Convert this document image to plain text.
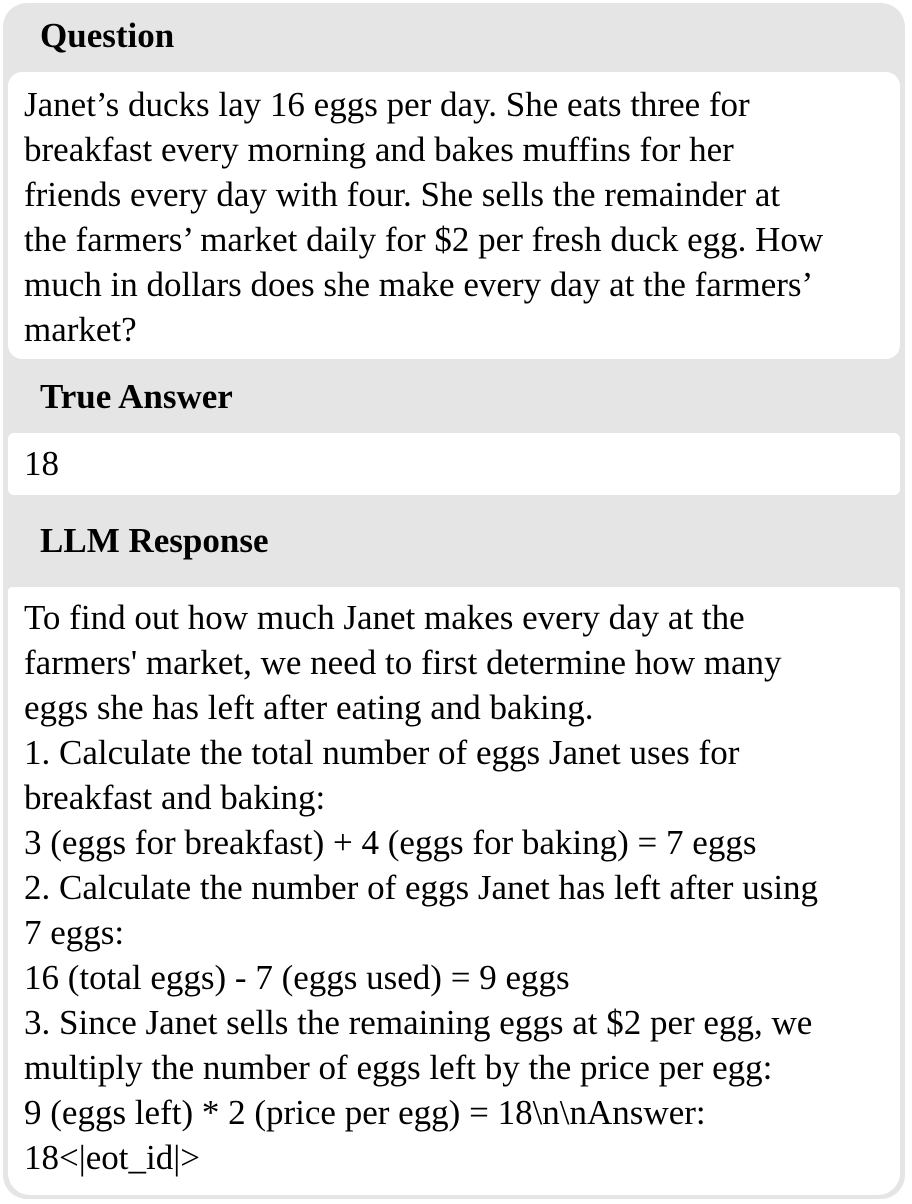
Question
Janet’s ducks lay 16 eggs per day. She eats three for
breakfast every morning and bakes muffins for her
friends every day with four. She sells the remainder at
the farmers’ market daily for $2 per fresh duck egg. How
much in dollars does she make every day at the farmers’
market?
True Answer
18
LLM Response
To find out how much Janet makes every day at the
farmers' market, we need to first determine how many
eggs she has left after eating and baking.
1. Calculate the total number of eggs Janet uses for
breakfast and baking:
3 (eggs for breakfast) + 4 (eggs for baking) = 7 eggs
2. Calculate the number of eggs Janet has left after using
7 eggs:
16 (total eggs) - 7 (eggs used) = 9 eggs
3. Since Janet sells the remaining eggs at $2 per egg, we
multiply the number of eggs left by the price per egg:
9 (eggs left) * 2 (price per egg) = 18\n\nAnswer:
18<|eot_id|>
